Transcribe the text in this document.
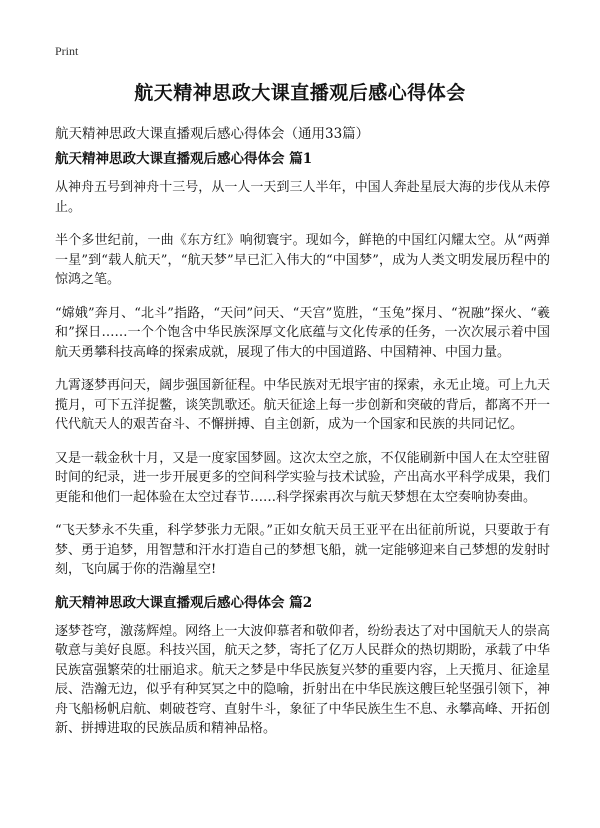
Print
航天精神思政大课直播观后感心得体会

航天精神思政大课直播观后感心得体会（通用33篇）

航天精神思政大课直播观后感心得体会 篇1

从神舟五号到神舟十三号，从一人一天到三人半年，中国人奔赴星辰大海的步伐从未停止。

半个多世纪前，一曲《东方红》响彻寰宇。现如今，鲜艳的中国红闪耀太空。从“两弹一星”到“载人航天”，“航天梦”早已汇入伟大的“中国梦”，成为人类文明发展历程中的惊鸿之笔。

“嫦娥”奔月、“北斗”指路，“天问”问天、“天宫”览胜，“玉兔”探月、“祝融”探火、“羲和”探日……一个个饱含中华民族深厚文化底蕴与文化传承的任务，一次次展示着中国航天勇攀科技高峰的探索成就，展现了伟大的中国道路、中国精神、中国力量。

九霄逐梦再问天，阔步强国新征程。中华民族对无垠宇宙的探索，永无止境。可上九天揽月，可下五洋捉鳖，谈笑凯歌还。航天征途上每一步创新和突破的背后，都离不开一代代航天人的艰苦奋斗、不懈拼搏、自主创新，成为一个国家和民族的共同记忆。

又是一载金秋十月，又是一度家国梦圆。这次太空之旅，不仅能刷新中国人在太空驻留时间的纪录，进一步开展更多的空间科学实验与技术试验，产出高水平科学成果，我们更能和他们一起体验在太空过春节……科学探索再次与航天梦想在太空奏响协奏曲。

“飞天梦永不失重，科学梦张力无限。”正如女航天员王亚平在出征前所说，只要敢于有梦、勇于追梦，用智慧和汗水打造自己的梦想飞船，就一定能够迎来自己梦想的发射时刻，飞向属于你的浩瀚星空!

航天精神思政大课直播观后感心得体会 篇2

逐梦苍穹，激荡辉煌。网络上一大波仰慕者和敬仰者，纷纷表达了对中国航天人的崇高敬意与美好良愿。科技兴国，航天之梦，寄托了亿万人民群众的热切期盼，承载了中华民族富强繁荣的壮丽追求。航天之梦是中华民族复兴梦的重要内容，上天揽月、征途星辰、浩瀚无边，似乎有种冥冥之中的隐喻，折射出在中华民族这艘巨轮坚强引领下，神舟飞船杨帆启航、刺破苍穹、直射牛斗，象征了中华民族生生不息、永攀高峰、开拓创新、拼搏进取的民族品质和精神品格。
